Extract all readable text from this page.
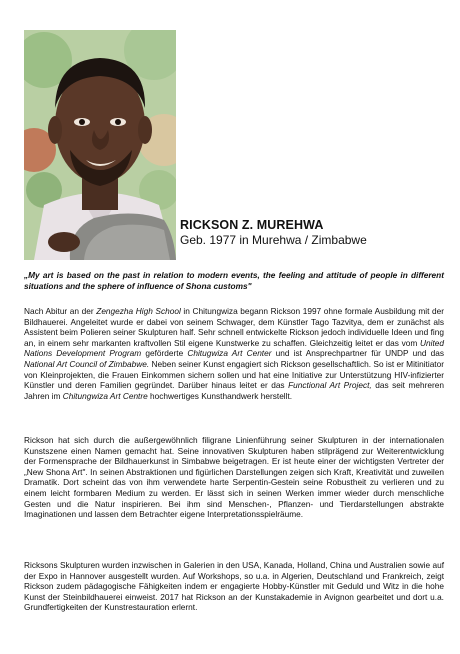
RICKSON Z. MUREHWA
Geb. 1977 in Murehwa / Zimbabwe

„My art is based on the past in relation to modern events, the feeling and attitude of people in different situations and the sphere of influence of Shona customs"

Nach Abitur an der Zengezha High School in Chitungwiza begann Rickson 1997 ohne formale Ausbildung mit der Bildhauerei. Angeleitet wurde er dabei von seinem Schwager, dem Künstler Tago Tazvitya, dem er zunächst als Assistent beim Polieren seiner Skulpturen half. Sehr schnell entwickelte Rickson jedoch individuelle Ideen und fing an, in einem sehr markanten kraftvollen Stil eigene Kunstwerke zu schaffen. Gleichzeitig leitet er das vom United Nations Development Program geförderte Chitugwiza Art Center und ist Ansprechpartner für UNDP und das National Art Council of Zimbabwe. Neben seiner Kunst engagiert sich Rickson gesellschaftlich. So ist er Mitinitiator von Kleinprojekten, die Frauen Einkommen sichern sollen und hat eine Initiative zur Unterstützung HIV-infizierter Künstler und deren Familien gegründet. Darüber hinaus leitet er das Functional Art Project, das seit mehreren Jahren im Chitungwiza Art Centre hochwertiges Kunsthandwerk herstellt.

Rickson hat sich durch die außergewöhnlich filigrane Linienführung seiner Skulpturen in der internationalen Kunstszene einen Namen gemacht hat. Seine innovativen Skulpturen haben stilprägend zur Weiterentwicklung der Formensprache der Bildhauerkunst in Simbabwe beigetragen. Er ist heute einer der wichtigsten Vertreter der „New Shona Art". In seinen Abstraktionen und figürlichen Darstellungen zeigen sich Kraft, Kreativität und zuweilen Dramatik. Dort scheint das von ihm verwendete harte Serpentin-Gestein seine Robustheit zu verlieren und zu einem leicht formbaren Medium zu werden. Er lässt sich in seinen Werken immer wieder durch menschliche Gesten und die Natur inspirieren. Bei ihm sind Menschen-, Pflanzen- und Tierdarstellungen abstrakte Imaginationen und lassen dem Betrachter eigene Interpretationsspielräume.

Ricksons Skulpturen wurden inzwischen in Galerien in den USA, Kanada, Holland, China und Australien sowie auf der Expo in Hannover ausgestellt wurden. Auf Workshops, so u.a. in Algerien, Deutschland und Frankreich, zeigt Rickson zudem pädagogische Fähigkeiten indem er engagierte Hobby-Künstler mit Geduld und Witz in die hohe Kunst der Steinbildhauerei einweist. 2017 hat Rickson an der Kunstakademie in Avignon gearbeitet und dort u.a. Grundfertigkeiten der Kunstrestauration erlernt.
